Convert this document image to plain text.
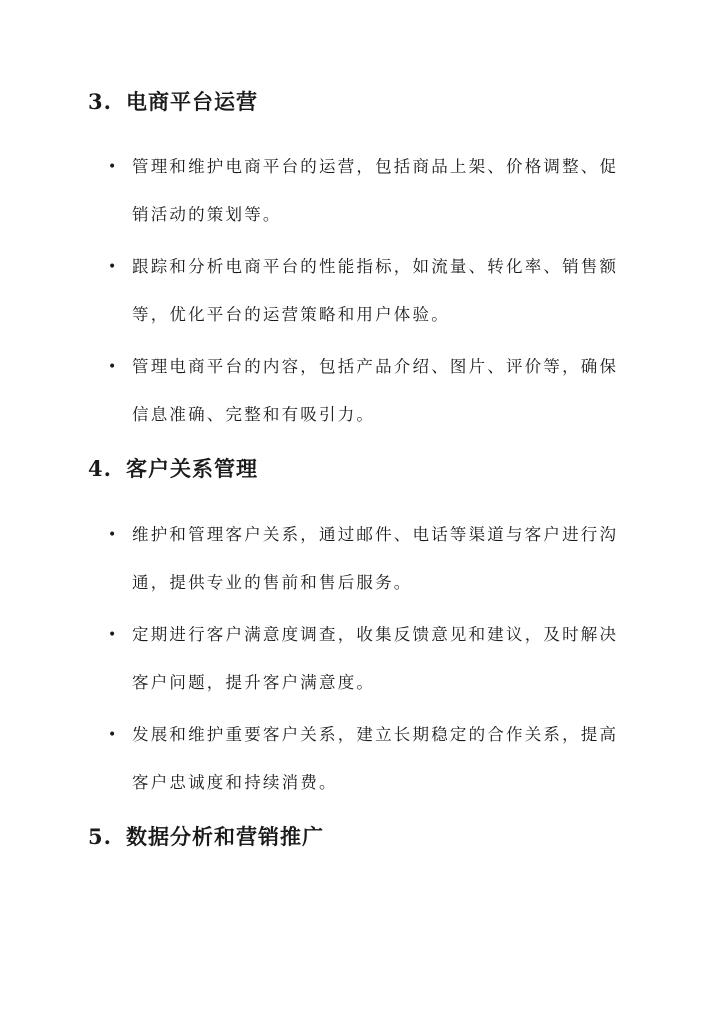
3. 电商平台运营
• 管理和维护电商平台的运营，包括商品上架、价格调整、促销活动的策划等。
• 跟踪和分析电商平台的性能指标，如流量、转化率、销售额等，优化平台的运营策略和用户体验。
• 管理电商平台的内容，包括产品介绍、图片、评价等，确保信息准确、完整和有吸引力。
4. 客户关系管理
• 维护和管理客户关系，通过邮件、电话等渠道与客户进行沟通，提供专业的售前和售后服务。
• 定期进行客户满意度调查，收集反馈意见和建议，及时解决客户问题，提升客户满意度。
• 发展和维护重要客户关系，建立长期稳定的合作关系，提高客户忠诚度和持续消费。
5. 数据分析和营销推广
